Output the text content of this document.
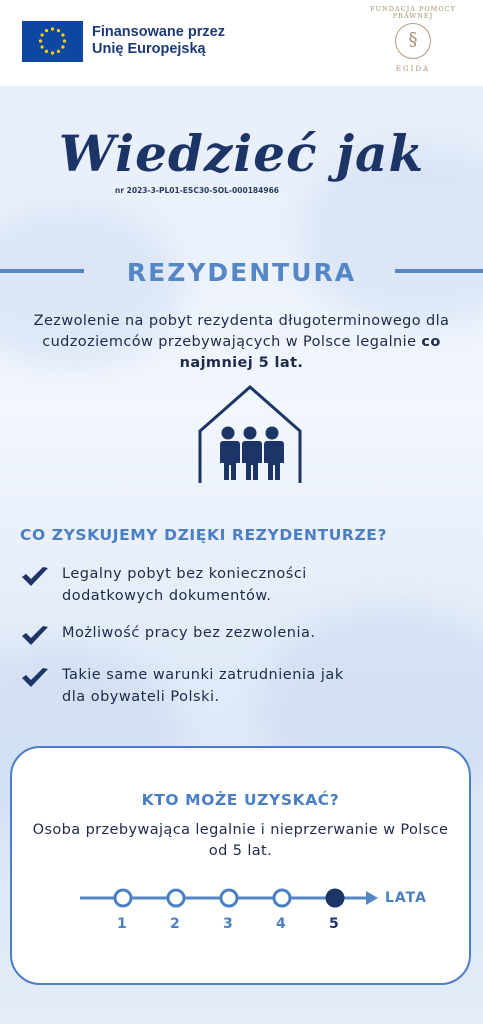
Finansowane przez
Unię Europejską
FUNDACJA POMOCY PRAWNEJ
§
EGIDA
Wiedzieć jak
nr 2023-3-PL01-ESC30-SOL-000184966
REZYDENTURA
Zezwolenie na pobyt rezydenta długoterminowego dla cudzoziemców przebywających w Polsce legalnie co najmniej 5 lat.
CO ZYSKUJEMY DZIĘKI REZYDENTURZE?
Legalny pobyt bez konieczności
dodatkowych dokumentów.
Możliwość pracy bez zezwolenia.
Takie same warunki zatrudnienia jak
dla obywateli Polski.
KTO MOŻE UZYSKAĆ?
Osoba przebywająca legalnie i nieprzerwanie w Polsce od 5 lat.
1	2	3	4	5
LATA
